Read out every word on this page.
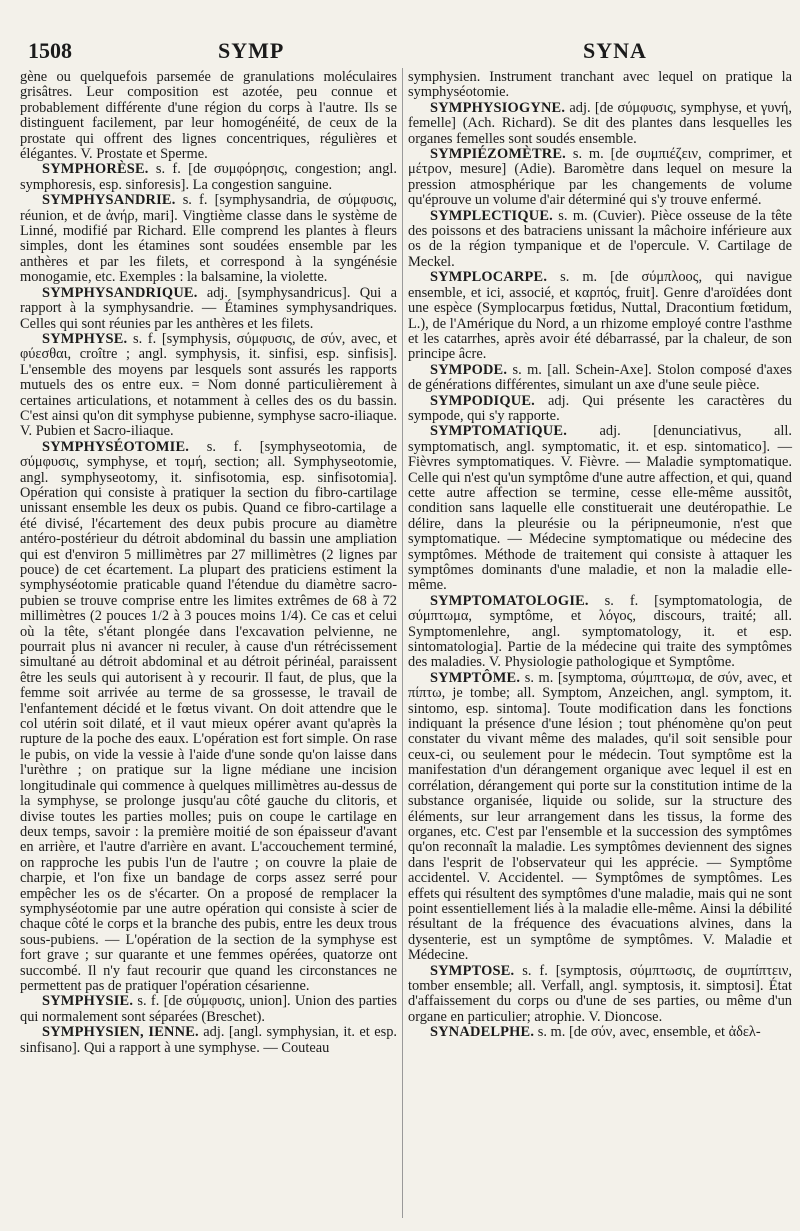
1508	SYMP	SYNA

gène ou quelquefois parsemée de granulations moléculaires grisâtres. Leur composition est azotée, peu connue et probablement différente d'une région du corps à l'autre. Ils se distinguent facilement, par leur homogénéité, de ceux de la prostate qui offrent des lignes concentriques, régulières et élégantes. V. Prostate et Sperme.

SYMPHORÈSE. s. f. [de συμφόρησις, congestion; angl. symphoresis, esp. sinforesis]. La congestion sanguine.

SYMPHYSANDRIE. s. f. [symphysandria, de σύμφυσις, réunion, et de ἀνήρ, mari]. Vingtième classe dans le système de Linné, modifié par Richard. Elle comprend les plantes à fleurs simples, dont les étamines sont soudées ensemble par les anthères et par les filets, et correspond à la syngénésie monogamie, etc. Exemples : la balsamine, la violette.

SYMPHYSANDRIQUE. adj. [symphysandricus]. Qui a rapport à la symphysandrie. — Étamines symphysandriques. Celles qui sont réunies par les anthères et les filets.

SYMPHYSE. s. f. [symphysis, σύμφυσις, de σύν, avec, et φύεσθαι, croître ; angl. symphysis, it. sinfisi, esp. sinfisis]. L'ensemble des moyens par lesquels sont assurés les rapports mutuels des os entre eux. = Nom donné particulièrement à certaines articulations, et notamment à celles des os du bassin. C'est ainsi qu'on dit symphyse pubienne, symphyse sacro-iliaque. V. Pubien et Sacro-iliaque.

SYMPHYSÉOTOMIE. s. f. [symphyseotomia, de σύμφυσις, symphyse, et τομή, section; all. Symphyseotomie, angl. symphyseotomy, it. sinfisotomia, esp. sinfisotomia]. Opération qui consiste à pratiquer la section du fibro-cartilage unissant ensemble les deux os pubis. Quand ce fibro-cartilage a été divisé, l'écartement des deux pubis procure au diamètre antéro-postérieur du détroit abdominal du bassin une ampliation qui est d'environ 5 millimètres par 27 millimètres (2 lignes par pouce) de cet écartement. La plupart des praticiens estiment la symphyséotomie praticable quand l'étendue du diamètre sacro-pubien se trouve comprise entre les limites extrêmes de 68 à 72 millimètres (2 pouces 1/2 à 3 pouces moins 1/4). Ce cas et celui où la tête, s'étant plongée dans l'excavation pelvienne, ne pourrait plus ni avancer ni reculer, à cause d'un rétrécissement simultané au détroit abdominal et au détroit périnéal, paraissent être les seuls qui autorisent à y recourir. Il faut, de plus, que la femme soit arrivée au terme de sa grossesse, le travail de l'enfantement décidé et le fœtus vivant. On doit attendre que le col utérin soit dilaté, et il vaut mieux opérer avant qu'après la rupture de la poche des eaux. L'opération est fort simple. On rase le pubis, on vide la vessie à l'aide d'une sonde qu'on laisse dans l'urèthre ; on pratique sur la ligne médiane une incision longitudinale qui commence à quelques millimètres au-dessus de la symphyse, se prolonge jusqu'au côté gauche du clitoris, et divise toutes les parties molles; puis on coupe le cartilage en deux temps, savoir : la première moitié de son épaisseur d'avant en arrière, et l'autre d'arrière en avant. L'accouchement terminé, on rapproche les pubis l'un de l'autre ; on couvre la plaie de charpie, et l'on fixe un bandage de corps assez serré pour empêcher les os de s'écarter. On a proposé de remplacer la symphyséotomie par une autre opération qui consiste à scier de chaque côté le corps et la branche des pubis, entre les deux trous sous-pubiens. — L'opération de la section de la symphyse est fort grave ; sur quarante et une femmes opérées, quatorze ont succombé. Il n'y faut recourir que quand les circonstances ne permettent pas de pratiquer l'opération césarienne.

SYMPHYSIE. s. f. [de σύμφυσις, union]. Union des parties qui normalement sont séparées (Breschet).

SYMPHYSIEN, IENNE. adj. [angl. symphysian, it. et esp. sinfisano]. Qui a rapport à une symphyse. — Couteau

symphysien. Instrument tranchant avec lequel on pratique la symphyséotomie.

SYMPHYSIOGYNE. adj. [de σύμφυσις, symphyse, et γυνή, femelle] (Ach. Richard). Se dit des plantes dans lesquelles les organes femelles sont soudés ensemble.

SYMPIÉZOMÈTRE. s. m. [de συμπιέζειν, comprimer, et μέτρον, mesure] (Adie). Baromètre dans lequel on mesure la pression atmosphérique par les changements de volume qu'éprouve un volume d'air déterminé qui s'y trouve enfermé.

SYMPLECTIQUE. s. m. (Cuvier). Pièce osseuse de la tête des poissons et des batraciens unissant la mâchoire inférieure aux os de la région tympanique et de l'opercule. V. Cartilage de Meckel.

SYMPLOCARPE. s. m. [de σύμπλοος, qui navigue ensemble, et ici, associé, et καρπός, fruit]. Genre d'aroïdées dont une espèce (Symplocarpus fœtidus, Nuttal, Dracontium fœtidum, L.), de l'Amérique du Nord, a un rhizome employé contre l'asthme et les catarrhes, après avoir été débarrassé, par la chaleur, de son principe âcre.

SYMPODE. s. m. [all. Schein-Axe]. Stolon composé d'axes de générations différentes, simulant un axe d'une seule pièce.

SYMPODIQUE. adj. Qui présente les caractères du sympode, qui s'y rapporte.

SYMPTOMATIQUE. adj. [denunciativus, all. symptomatisch, angl. symptomatic, it. et esp. sintomatico]. — Fièvres symptomatiques. V. Fièvre. — Maladie symptomatique. Celle qui n'est qu'un symptôme d'une autre affection, et qui, quand cette autre affection se termine, cesse elle-même aussitôt, condition sans laquelle elle constituerait une deutéropathie. Le délire, dans la pleurésie ou la péripneumonie, n'est que symptomatique. — Médecine symptomatique ou médecine des symptômes. Méthode de traitement qui consiste à attaquer les symptômes dominants d'une maladie, et non la maladie elle-même.

SYMPTOMATOLOGIE. s. f. [symptomatologia, de σύμπτωμα, symptôme, et λόγος, discours, traité; all. Symptomenlehre, angl. symptomatology, it. et esp. sintomatologia]. Partie de la médecine qui traite des symptômes des maladies. V. Physiologie pathologique et Symptôme.

SYMPTÔME. s. m. [symptoma, σύμπτωμα, de σύν, avec, et πίπτω, je tombe; all. Symptom, Anzeichen, angl. symptom, it. sintomo, esp. sintoma]. Toute modification dans les fonctions indiquant la présence d'une lésion ; tout phénomène qu'on peut constater du vivant même des malades, qu'il soit sensible pour ceux-ci, ou seulement pour le médecin. Tout symptôme est la manifestation d'un dérangement organique avec lequel il est en corrélation, dérangement qui porte sur la constitution intime de la substance organisée, liquide ou solide, sur la structure des éléments, sur leur arrangement dans les tissus, la forme des organes, etc. C'est par l'ensemble et la succession des symptômes qu'on reconnaît la maladie. Les symptômes deviennent des signes dans l'esprit de l'observateur qui les apprécie. — Symptôme accidentel. V. Accidentel. — Symptômes de symptômes. Les effets qui résultent des symptômes d'une maladie, mais qui ne sont point essentiellement liés à la maladie elle-même. Ainsi la débilité résultant de la fréquence des évacuations alvines, dans la dysenterie, est un symptôme de symptômes. V. Maladie et Médecine.

SYMPTOSE. s. f. [symptosis, σύμπτωσις, de συμπίπτειν, tomber ensemble; all. Verfall, angl. symptosis, it. simptosi]. État d'affaissement du corps ou d'une de ses parties, ou même d'un organe en particulier; atrophie. V. Dioncose.

SYNADELPHE. s. m. [de σύν, avec, ensemble, et ἀδελ-
